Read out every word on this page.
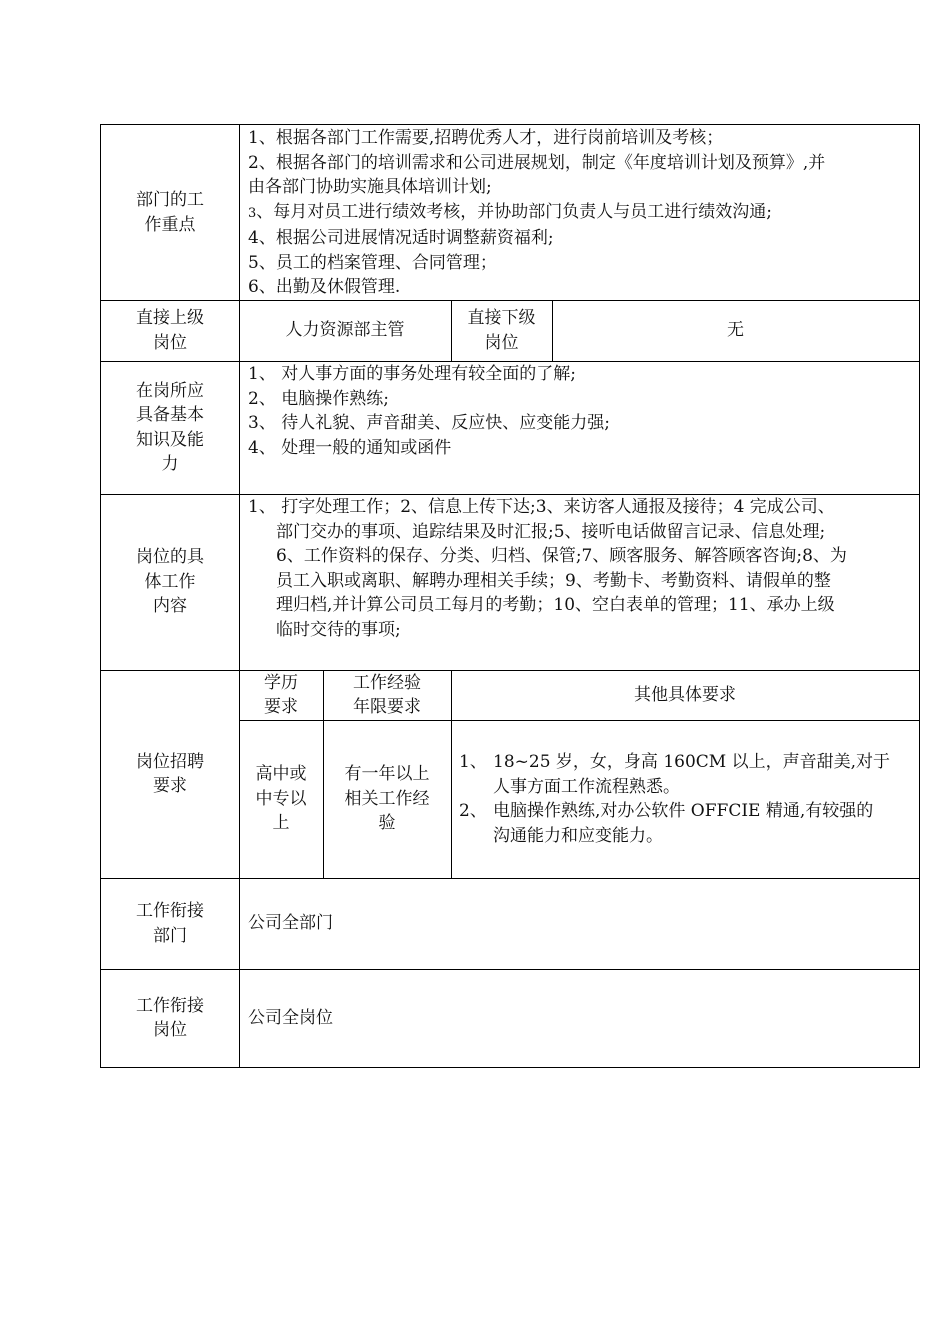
部门的工
作重点
1、根据各部门工作需要,招聘优秀人才，进行岗前培训及考核；
2、根据各部门的培训需求和公司进展规划，制定《年度培训计划及预算》,并
由各部门协助实施具体培训计划;
3、每月对员工进行绩效考核，并协助部门负责人与员工进行绩效沟通;
4、根据公司进展情况适时调整薪资福利;
5、员工的档案管理、合同管理；
6、出勤及休假管理.
直接上级
岗位
人力资源部主管
直接下级
岗位
无
在岗所应
具备基本
知识及能
力
1、 对人事方面的事务处理有较全面的了解;
2、 电脑操作熟练;
3、 待人礼貌、声音甜美、反应快、应变能力强;
4、 处理一般的通知或函件
岗位的具
体工作
内容
1、 打字处理工作；2、信息上传下达;3、来访客人通报及接待；4 完成公司、
部门交办的事项、追踪结果及时汇报;5、接听电话做留言记录、信息处理;
6、工作资料的保存、分类、归档、保管;7、顾客服务、解答顾客咨询;8、为
员工入职或离职、解聘办理相关手续；9、考勤卡、考勤资料、请假单的整
理归档,并计算公司员工每月的考勤；10、空白表单的管理；11、承办上级
临时交待的事项;
岗位招聘
要求
学历
要求
工作经验
年限要求
其他具体要求
高中或
中专以
上
有一年以上
相关工作经
验
1、 18~25 岁，女，身高 160CM 以上，声音甜美,对于
人事方面工作流程熟悉。
2、 电脑操作熟练,对办公软件 OFFCIE 精通,有较强的
沟通能力和应变能力。
工作衔接
部门
公司全部门
工作衔接
岗位
公司全岗位
